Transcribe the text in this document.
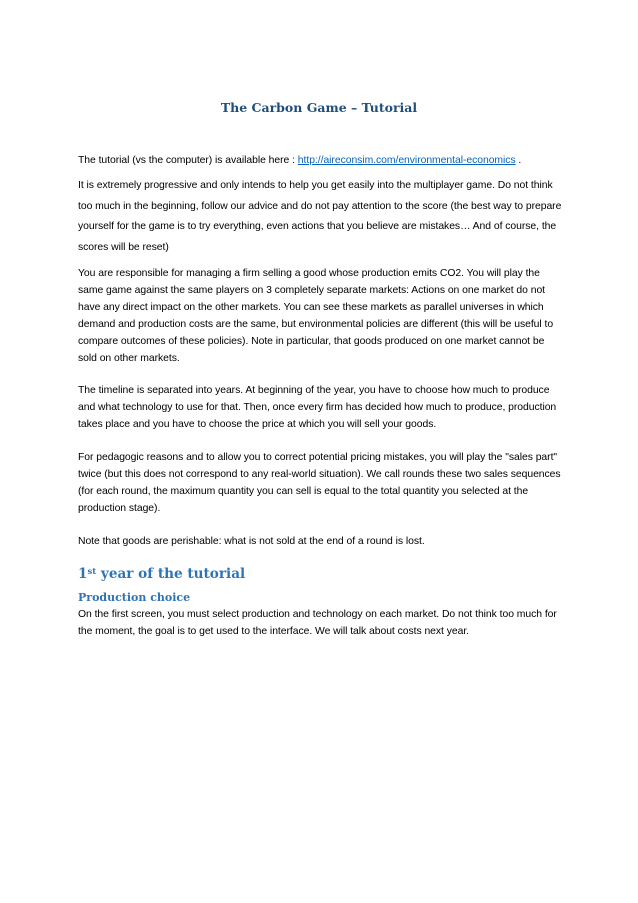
The Carbon Game – Tutorial

The tutorial (vs the computer) is available here : http://aireconsim.com/environmental-economics .

It is extremely progressive and only intends to help you get easily into the multiplayer game. Do not think too much in the beginning, follow our advice and do not pay attention to the score (the best way to prepare yourself for the game is to try everything, even actions that you believe are mistakes… And of course, the scores will be reset)

You are responsible for managing a firm selling a good whose production emits CO2. You will play the same game against the same players on 3 completely separate markets: Actions on one market do not have any direct impact on the other markets. You can see these markets as parallel universes in which demand and production costs are the same, but environmental policies are different (this will be useful to compare outcomes of these policies). Note in particular, that goods produced on one market cannot be sold on other markets.

The timeline is separated into years. At beginning of the year, you have to choose how much to produce and what technology to use for that. Then, once every firm has decided how much to produce, production takes place and you have to choose the price at which you will sell your goods.

For pedagogic reasons and to allow you to correct potential pricing mistakes, you will play the "sales part" twice (but this does not correspond to any real-world situation). We call rounds these two sales sequences (for each round, the maximum quantity you can sell is equal to the total quantity you selected at the production stage).

Note that goods are perishable: what is not sold at the end of a round is lost.

1st year of the tutorial
Production choice

On the first screen, you must select production and technology on each market. Do not think too much for the moment, the goal is to get used to the interface. We will talk about costs next year.
